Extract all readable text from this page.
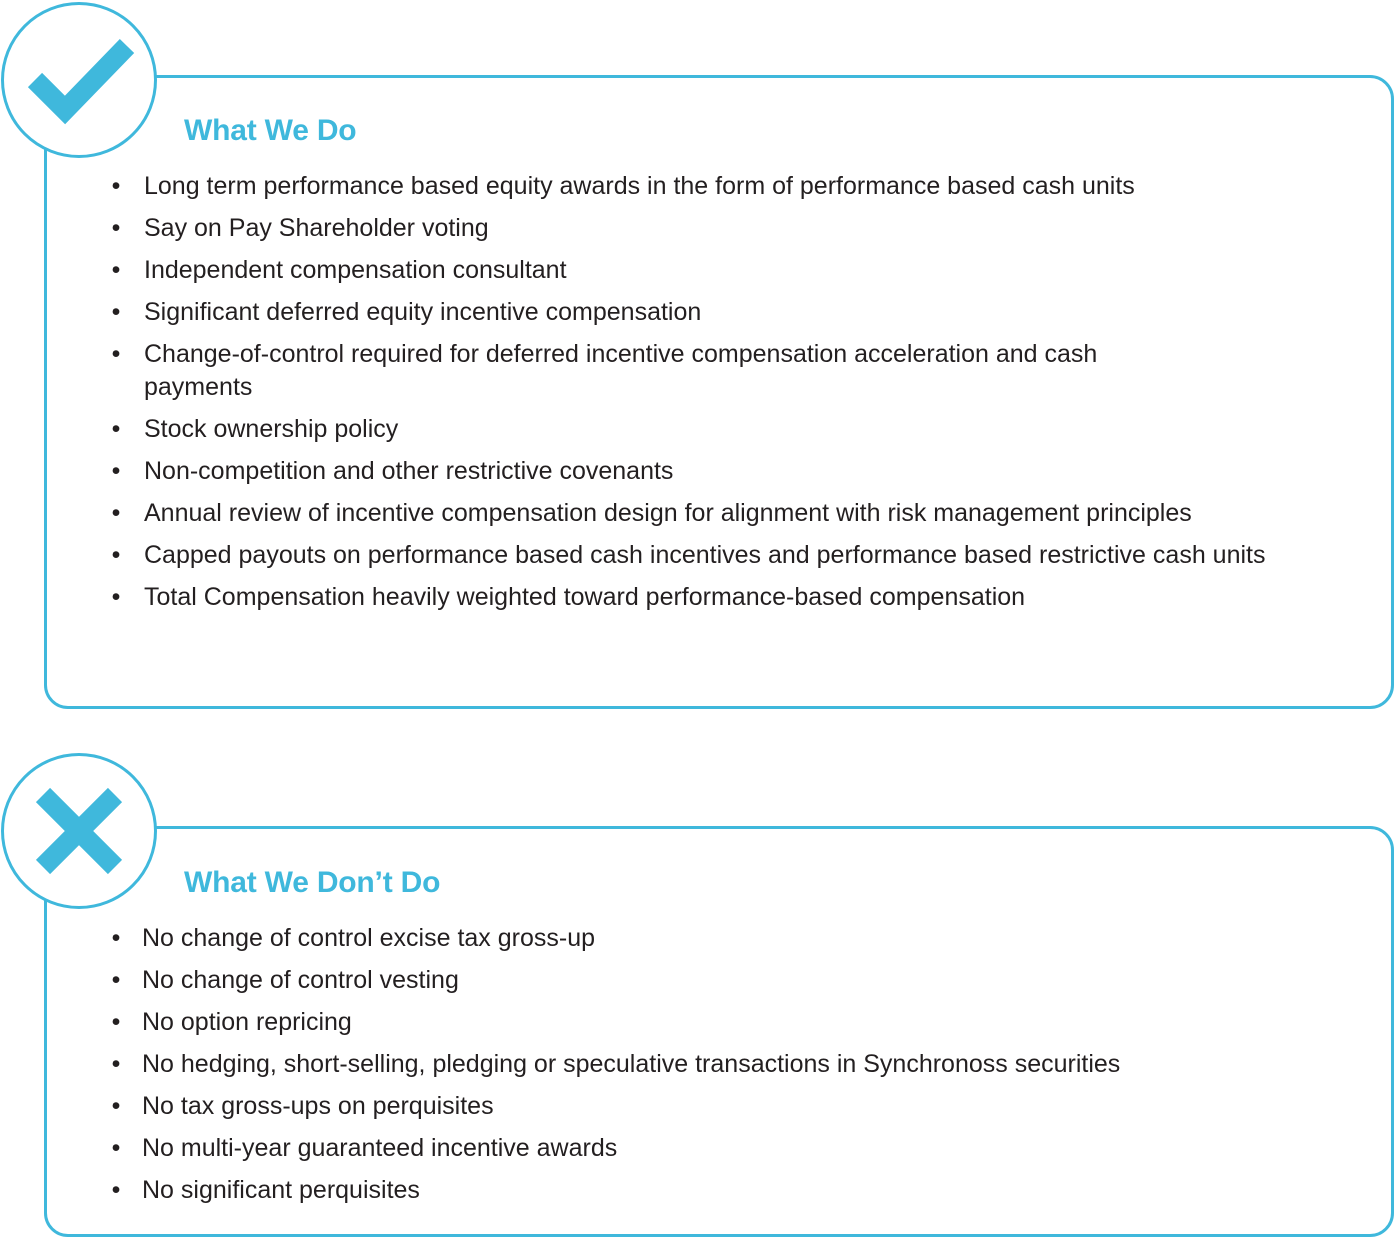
What We Do
• Long term performance based equity awards in the form of performance based cash units
• Say on Pay Shareholder voting
• Independent compensation consultant
• Significant deferred equity incentive compensation
• Change-of-control required for deferred incentive compensation acceleration and cash payments
• Stock ownership policy
• Non-competition and other restrictive covenants
• Annual review of incentive compensation design for alignment with risk management principles
• Capped payouts on performance based cash incentives and performance based restrictive cash units
• Total Compensation heavily weighted toward performance-based compensation
What We Don’t Do
• No change of control excise tax gross-up
• No change of control vesting
• No option repricing
• No hedging, short-selling, pledging or speculative transactions in Synchronoss securities
• No tax gross-ups on perquisites
• No multi-year guaranteed incentive awards
• No significant perquisites
